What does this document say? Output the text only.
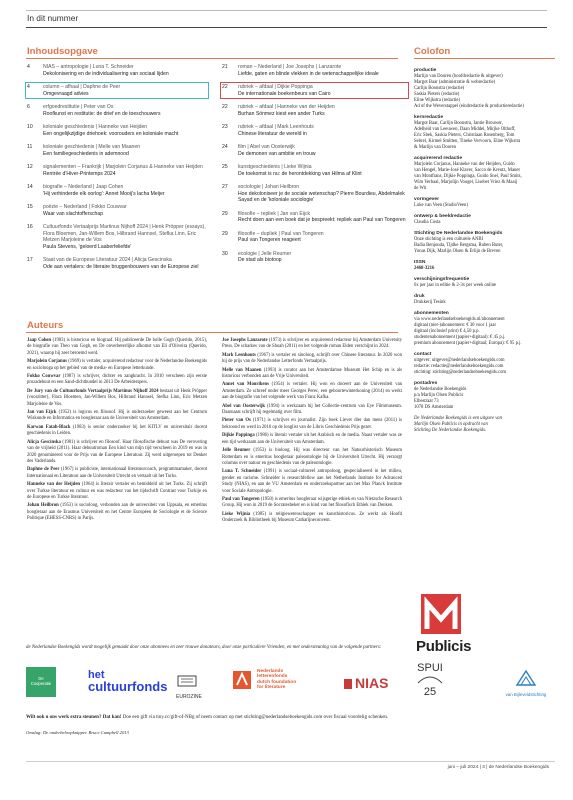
In dit nummer
Inhoudsopgave	Colofon
4	NIAS – antropologie | Luna T. Schneider
Dekolonisering en de individualisering van sociaal lijden
4	column – afhaal | Daphne de Peer
Omgevraagd advies
6	erfgoedrestitutie | Peter van Os
Roofkunst en restitutie: de drief en de toeschouwers
10 koloniale geschiedenis | Hanneke van Heijden
Een ongelijkzijdige driehoek: voorouders en koloniale macht
11 koloniale geschiedenis | Melle van Maanen
Een familiegeschiedenis in ademnood
12 signalementen – Frankrijk | Marjolein Corjanus & Hanneke van Heijden
Rentrée d'Hiver-Printemps 2024
14 biografie – Nederland | Jaap Cohen
'Hij verhinderde elk oorlog': Annet Mooij's lacha Meijer
15 poëzie – Nederland | Fokko Couwvar
Waar van slachtofferschap
16 Cultuurfonds Vertaalprijs Martinus Nijhoff 2024 | Henk Pröpper (essays), Flora Bloemen, Jan-Willem Bos, Hilbrand Hannsel, Stefka Linn, Eric Metzen Marjoleine de Vos
Paula Stevens, 'geloerd Laaberfeliefde'
17 Staat van de Europese Literatuur 2024 | Alicja Gescinska
Ode aan vertalers: de literaire bruggenbouwers van de Europese ziel
21 roman – Nederland | Joe Josephs | Lanzarote
Liefde, gaten en blinde vlekken in de wetenschappelijke ideale
22 rubriek – afdaal | Dijkie Poppinga
De internationale boekenbeurs van Cairo
22 rubriek – afdaal | Hanneke van der Heijden
Burhan Sönmez kiest een ander Turks
23 rubriek – afdaal | Mark Leenhouts
Chinese literatuur de wereld in
24 film | Abel van Oosterwijk
De demonen van ambitie en trouw
25 kunstgeschiedenis | Lieke Wijnia
De toekomst is nu: de herontdekking van Hilma af Klint
27 sociologie | Johan Heilbron
Hoe dekoloniseer je de sociale wetenschap? Pierre Bourdieu, Abdelmalek Sayad en de 'koloniale sociologie'
29 filosofie – repliek | Jan van Eijck
Recht doen aan een boek dat je bespreekt: repliek aan Paul van Tongeren
29 filosofie – dupliek | Paul van Tongeren
Paul van Tongeren reageert
30 ecologie | Jelle Reumer
De stad als biotoop
Auteurs
Jaap Cohen (1983) is historicus en biograaf. Hij publiceerde De bolle Gogh (Querido, 2015), de biografie van Theo van Gogh, en De onverbeterlijke afkomst van Eli d'Oliveira (Querido, 2021), waarop hij zeer beroemd werd.
Marjolein Corjanus (1969) is vertaler, acquirerend redacteur voor de Nederlandse Boekengids en sociolooga op het gebied van de media- en Europese letterkunde.
Fokko Couwvar (1987) is schrijver, dichter en zangkracht. In 2010 verscheen zijn eerste prozadebuut en een Sand-dichtbundel in 2013 De Arbeiderspers.
De Jury van de Cultuurfonds Vertaalprijs Martinus Nijhoff 2024 bestaat uit Henk Pröpper (voorzitter), Flora Bloemen, Jan-Willem Bos, Hilbrand Hannsel, Stefka Linn, Eric Metzen Marjoleine de Vos.
Jan van Eijck (1952) is logicus en filosoof. Hij is onderzoeker geweest aan het Centrum Wiskunde en Informatica en hoogleraar aan de Universiteit van Amsterdam.
Karwan Fatah-Black (1983) is senior onderzoeker bij het KITLV en universitair docent geschiedenis in Leiden.
Alicja Gescinska (1981) is schrijver en filosoof. Haar filosofische debuut was De verovering van de vrijheid (2011). Haar debuutroman Een kind van mijn tijd verscheen in 2019 en was in 2020 genomineerd voor de Prijs van de Europese Literatuur. Zij werd uitgeroepen tot Denker des Vaderlands.
Daphne de Peer (1967) is publiciste, internationaal literatuurcoach, programmamaker, docent Internationaal en Literatuur aan de Universiteit Utrecht en vertaalt uit het Turks.
Hanneke van der Heijden (1964) is literair vertaler en bemiddeld uit het Turks. Zij schrijft over Turkse literatuur en cultuur en was redacteur van het tijdschrift Contrast voor Turkije en de Europese en Turkse literatuur.
Johan Heilbron (1953) is socioloog, verbonden aan de universiteit van Uppsala, en emeritus hoogleraar aan de Erasmus Universiteit en het Centre Européen de Sociologie et de Science Politique (EHESS-CNRS) in Parijs.
Joe Josephs Lanzarote (1973) is schrijver en acquirerend redacteur bij Amsterdam University Press. De schaduw van de Shoah (2011) en het volgende roman Elden verschijnt in 2024.
Mark Leenhouts (1967) is vertaler en sinoloog, schrijft over Chinese literatuur. In 2020 won hij de prijs van de Nederlandse Letterfonds Vertaalprijs.
Melle van Maanen (1993) is curator aan het Amsterdamse Museum Het Schip en is als historicus verbonden aan de Vrije Universiteit.
Annet van Mourikens (1954) is vertaler. Hij won en doceert aan de Universiteit van Amsterdam. Ze schreef onder meer Georges Perec, een geboortewinterkoning (2014) en werkt aan de biografie van het volgende werk van Franz Kafka.
Abel van Oosterwijk (1994) is werkzaam bij het Collectie-centrum van Eye Filmmuseum. Daarnaast schrijft hij regelmatig over film.
Pieter van Os (1971) is schrijver en journalist. Zijn boek Liever dier dan mens (2011) is bekroond en werd in 2016 op de longlist van de Libris Geschiedenis Prijs gezet.
Dijkie Poppinga (1986) is literair vertaler uit het Arabisch en de media. Naast vertaler was ze een tijd werkzaam aan de Universiteit van Amsterdam.
Jelle Reumer (1953) is bioloog. Hij was directeur van het Natuurhistorisch Museum Rotterdam en is emeritus hoogleraar paleontologie bij de Universiteit Utrecht. Hij verzorgt columns over natuur en geschiedenis van de paleontologie.
Luna T. Schneider (1991) is sociaal-cultureel antropoloog, gespecialiseerd in het milieu, gender en racisme. Schneider is researchfellow aan het Netherlands Institute for Advanced Study (NIAS), en aan de VU Amsterdam en onderzoekspartner aan het Max Planck Institute voor Sociale Antropologie.
Paul van Tongeren (1950) is emeritus hoogleraar wijsgerige ethiek en van Nietzsche Research Group. Hij won in 2019 de Socratesbeker en is kind van het filosofisch Ethiek van Denken.
Lieke Wijnia (1985) is religiewetenschapper en kunsthistoricus. Ze werkt als Hoofd Onderzoek & Bibliotheek bij Museum Catharijneconvent.
productie
Marlijn van Dooren (hoofdredactie & uitgever)
Margot Baar (administratie & webredactie)
Carlijn Boonstra (redactie)
Saskia Pieters (redactie)
Eline Wijkstra (redactie)
Ad of the Weverstappel (eindredactie & productieredactie)
kernredactie
Margot Baar, Carlijn Boonstra, Jantie Brouwer,
Adelheid van Leeuwen, Daan Middel, Mirjke Olthoff,
Eric Sbek, Saskia Pieters, Christiaan Rosenberg, Tom
Sebrel, Kirmel Smitten, Tineke Vervoorn, Eline Wijkstra
& Marlijn van Dooren
acquirerend redactie
Marjolein Corjanus, Hanneke van der Heijden, Guido
van Hengel, Marie-José Klaver, Sacco de Kreutz, Manet
van Montfrans, Dijkie Poppinga, Guido Snel, Paul Smits,
Wim Verbaal, Marjolijn Voogel, Lisebet Vriez & Maaij
de Wit
vormgever
Luke van Veen (StudioVeen)
ontwerp & beeldredactie
Claudia Costa
Stichting De Nederlandse Boekengids
Onze stichting is een culturele ANBI
Badia Benjouda, Tijdke Bergsma, Ruben Buter,
Yonas Dijk, Marlijn Olsen & Erlijn de Breven
ISSN
2468-3216
verschijningsfrequentie
6x per jaar in editie & 2-3x per week online
druk
Drukkerij Tesink
abonnementen
via www.nederlandseboekengids.nl/abonnement
digitaal (niet-)abonnement: € 30 voor 1 jaar
digitaal (inclusief print) € 4,50 p.p.
studentenabonnement (papier+digitaal): € 45 p.j.
premium abonnement (papier+digitaal; Europa): € 95 p.j.
contact
uitgever: uitgever@nederlandseboekengids.com
redactie: redactie@nederlandseboekengids.com
stichting: stichting@nederlandseboekengids.com
postadres
de Nederlandse Boekengids
p/a Marlijn Olsen Publicis
Elbestraat 73
1078 DS Amsterdam
De Nederlandse Boekengids is een uitgave van
Marlijn Olsen Publicis in opdracht van
Stichting De Nederlandse Boekengids.
Publicis
de Nederlandse Boekengids wordt mogelijk gemaakt door onze abonnees en zeer trouwe donateurs, door onze particuliere Vrienden, en met ondersteuning van de volgende partners:
De Cooperatie
het
cultuurfonds
EUROZINE
Nederlands
letterenfonds
dutch foundation
for literature	NIAS
SPUI
25	van Bijleveldstichting
Wilt ook u ons werk extra steunen? Dat kan! Doe een gift via tiny.cc/gift-of-NBg of neem contact op met stichting@nederlandseboekengids.com over fiscaal voordelig schenken.
Omslag: De onderbeloopknipper. Bruce Campbell 2013
juni – juli 2024 | 3 | de Nederlandse Boekengids
